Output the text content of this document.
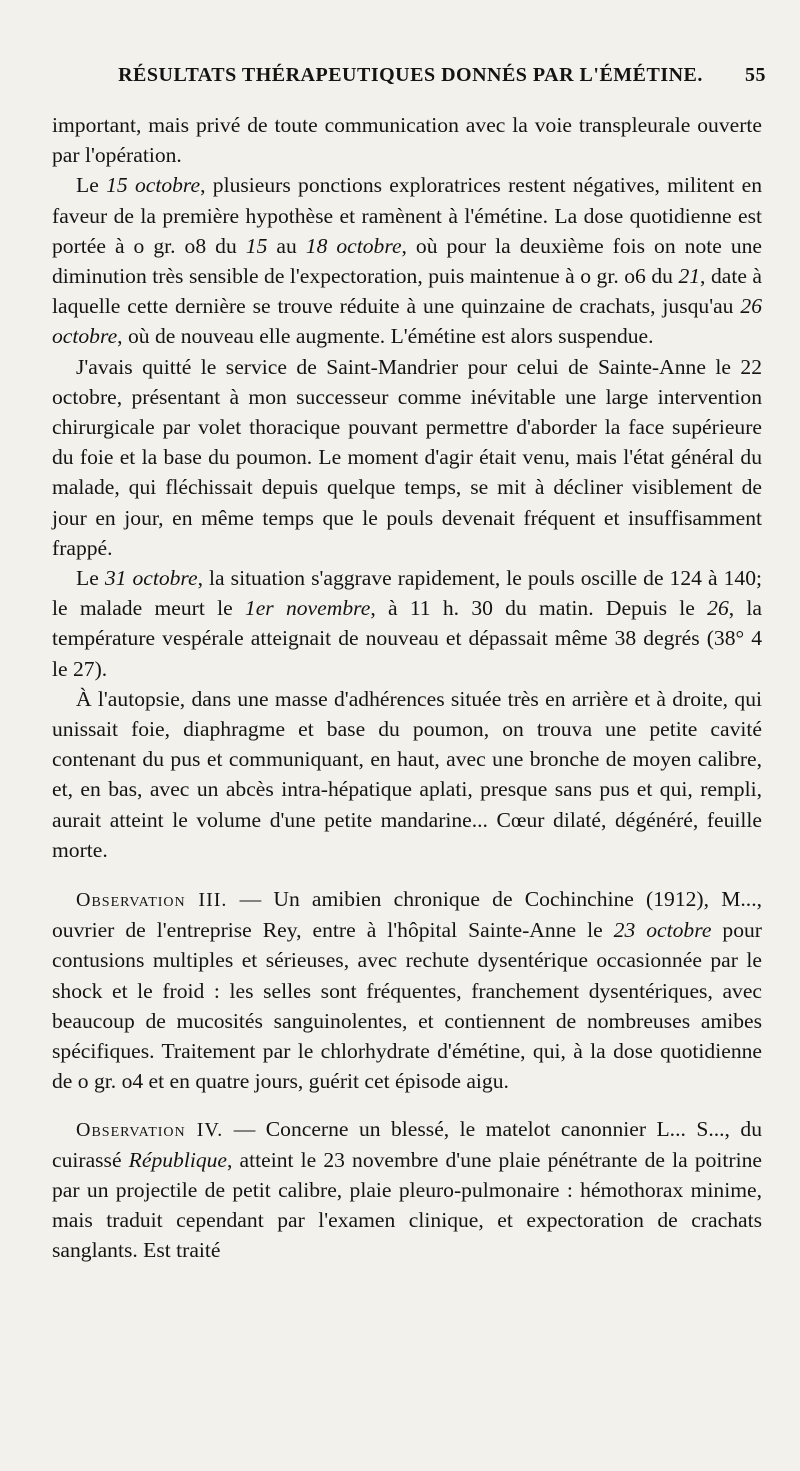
RÉSULTATS THÉRAPEUTIQUES DONNÉS PAR L'ÉMÉTINE.	55

important, mais privé de toute communication avec la voie transpleurale ouverte par l'opération.

Le 15 octobre, plusieurs ponctions exploratrices restent négatives, militent en faveur de la première hypothèse et ramènent à l'émétine. La dose quotidienne est portée à o gr. o8 du 15 au 18 octobre, où pour la deuxième fois on note une diminution très sensible de l'expectoration, puis maintenue à o gr. o6 du 21, date à laquelle cette dernière se trouve réduite à une quinzaine de crachats, jusqu'au 26 octobre, où de nouveau elle augmente. L'émétine est alors suspendue.

J'avais quitté le service de Saint-Mandrier pour celui de Sainte-Anne le 22 octobre, présentant à mon successeur comme inévitable une large intervention chirurgicale par volet thoracique pouvant permettre d'aborder la face supérieure du foie et la base du poumon. Le moment d'agir était venu, mais l'état général du malade, qui fléchissait depuis quelque temps, se mit à décliner visiblement de jour en jour, en même temps que le pouls devenait fréquent et insuffisamment frappé.

Le 31 octobre, la situation s'aggrave rapidement, le pouls oscille de 124 à 140; le malade meurt le 1er novembre, à 11 h. 30 du matin. Depuis le 26, la température vespérale atteignait de nouveau et dépassait même 38 degrés (38° 4 le 27).

À l'autopsie, dans une masse d'adhérences située très en arrière et à droite, qui unissait foie, diaphragme et base du poumon, on trouva une petite cavité contenant du pus et communiquant, en haut, avec une bronche de moyen calibre, et, en bas, avec un abcès intra-hépatique aplati, presque sans pus et qui, rempli, aurait atteint le volume d'une petite mandarine... Cœur dilaté, dégénéré, feuille morte.

Observation III. — Un amibien chronique de Cochinchine (1912), M..., ouvrier de l'entreprise Rey, entre à l'hôpital Sainte-Anne le 23 octobre pour contusions multiples et sérieuses, avec rechute dysentérique occasionnée par le shock et le froid : les selles sont fréquentes, franchement dysentériques, avec beaucoup de mucosités sanguinolentes, et contiennent de nombreuses amibes spécifiques. Traitement par le chlorhydrate d'émétine, qui, à la dose quotidienne de o gr. o4 et en quatre jours, guérit cet épisode aigu.

Observation IV. — Concerne un blessé, le matelot canonnier L... S..., du cuirassé République, atteint le 23 novembre d'une plaie pénétrante de la poitrine par un projectile de petit calibre, plaie pleuro-pulmonaire : hémothorax minime, mais traduit cependant par l'examen clinique, et expectoration de crachats sanglants. Est traité
